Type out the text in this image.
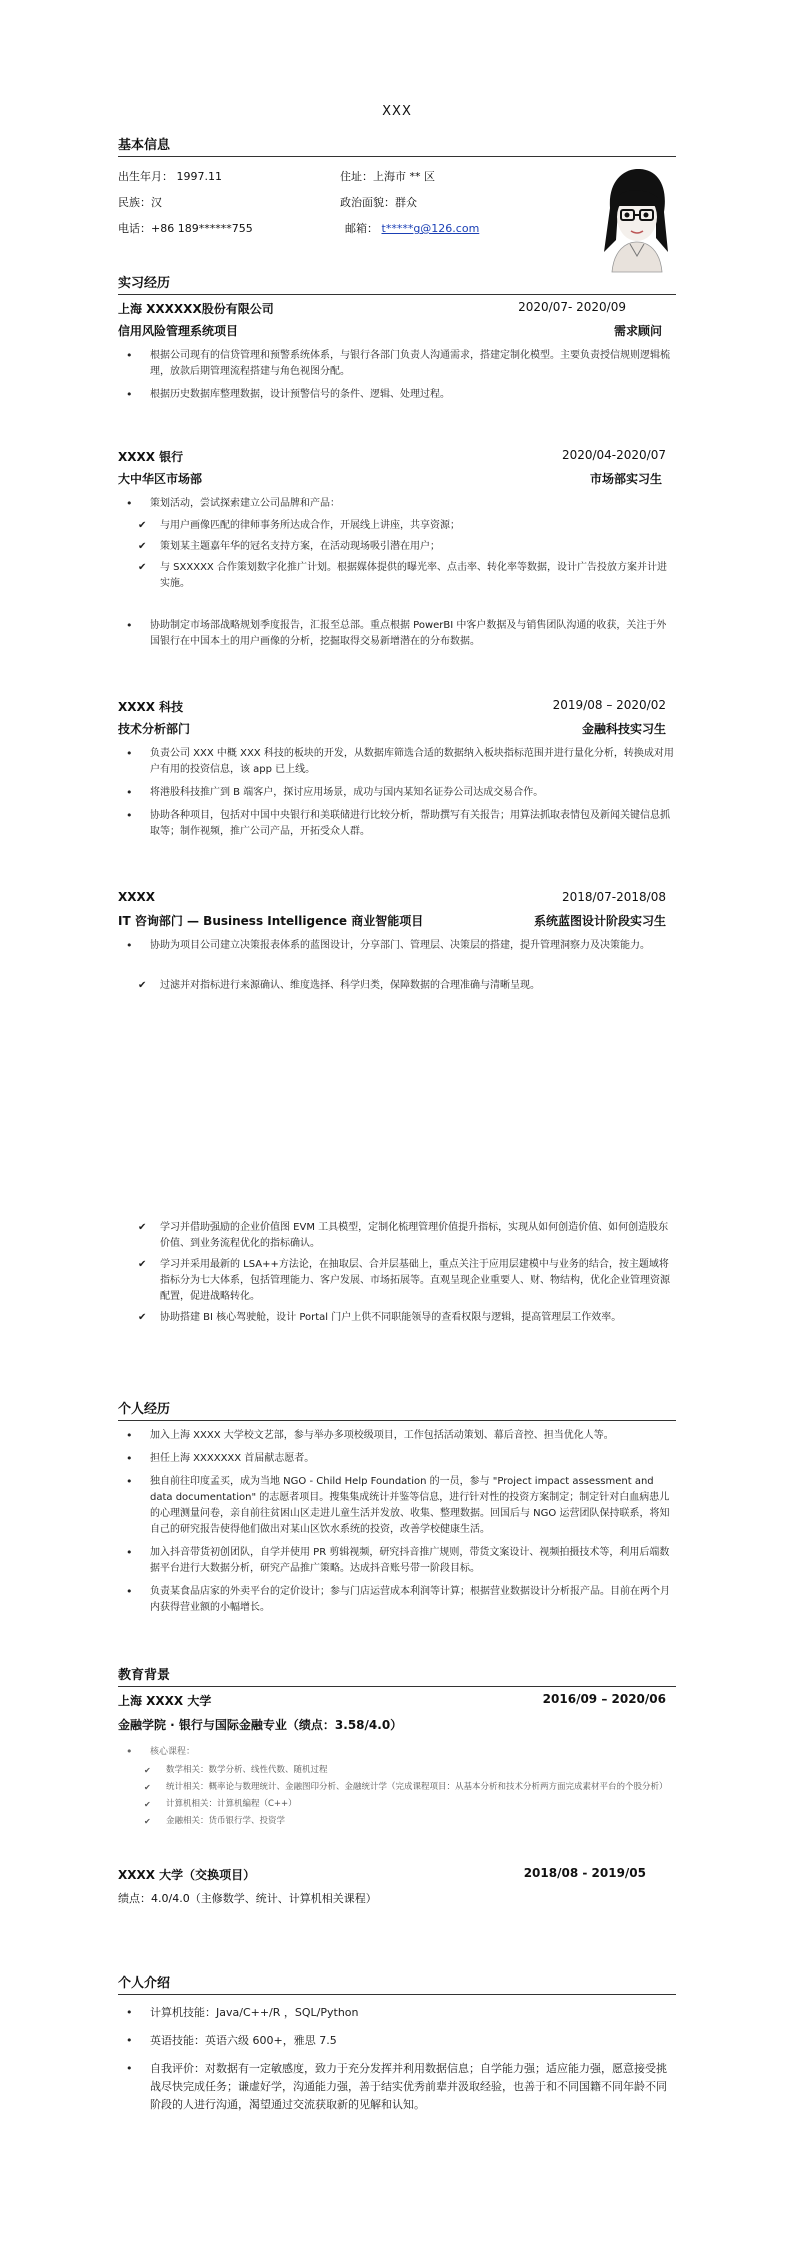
XXX
基本信息
出生年月： 1997.11	住址：上海市 ** 区
民族：汉	政治面貌：群众
电话：+86 189******755	邮箱： t*****g@126.com
实习经历
上海 XXXXXX股份有限公司	2020/07- 2020/09
信用风险管理系统项目	需求顾问
• 根据公司现有的信贷管理和预警系统体系，与银行各部门负责人沟通需求，搭建定制化模型。主要负责授信规则逻辑梳理，放款后期管理流程搭建与角色视图分配。
• 根据历史数据库整理数据，设计预警信号的条件、逻辑、处理过程。
XXXX 银行	2020/04-2020/07
大中华区市场部	市场部实习生
• 策划活动，尝试探索建立公司品牌和产品：
✔ 与用户画像匹配的律师事务所达成合作，开展线上讲座，共享资源；
✔ 策划某主题嘉年华的冠名支持方案，在活动现场吸引潜在用户；
✔ 与 SXXXXX 合作策划数字化推广计划。根据媒体提供的曝光率、点击率、转化率等数据，设计广告投放方案并计进实施。
• 协助制定市场部战略规划季度报告，汇报至总部。重点根据 PowerBI 中客户数据及与销售团队沟通的收获，关注于外国银行在中国本土的用户画像的分析，挖掘取得交易新增潜在的分布数据。
XXXX 科技	2019/08 – 2020/02
技术分析部门	金融科技实习生
• 负责公司 XXX 中概 XXX 科技的板块的开发，从数据库筛选合适的数据纳入板块指标范围并进行量化分析，转换成对用户有用的投资信息，该 app 已上线。
• 将港股科技推广到 B 端客户，探讨应用场景，成功与国内某知名证券公司达成交易合作。
• 协助各种项目，包括对中国中央银行和美联储进行比较分析，帮助撰写有关报告；用算法抓取表情包及新闻关键信息抓取等；制作视频，推广公司产品，开拓受众人群。
XXXX	2018/07-2018/08
IT 咨询部门 — Business Intelligence 商业智能项目	系统蓝图设计阶段实习生
• 协助为项目公司建立决策报表体系的蓝图设计，分享部门、管理层、决策层的搭建，提升管理洞察力及决策能力。
✔ 过滤并对指标进行来源确认、维度选择、科学归类，保障数据的合理准确与清晰呈现。
✔ 学习并借助强励的企业价值图 EVM 工具模型，定制化梳理管理价值提升指标，实现从如何创造价值、如何创造股东价值、到业务流程优化的指标确认。
✔ 学习并采用最新的 LSA++方法论，在抽取层、合并层基础上，重点关注于应用层建模中与业务的结合，按主题域将指标分为七大体系，包括管理能力、客户发展、市场拓展等。直观呈现企业重要人、财、物结构，优化企业管理资源配置，促进战略转化。
✔ 协助搭建 BI 核心驾驶舱，设计 Portal 门户上供不同职能领导的查看权限与逻辑，提高管理层工作效率。
个人经历
• 加入上海 XXXX 大学校文艺部，参与举办多项校级项目，工作包括活动策划、幕后音控、担当优化人等。
• 担任上海 XXXXXXX 首届献志愿者。
• 独自前往印度孟买，成为当地 NGO - Child Help Foundation 的一员，参与 "Project impact assessment and data documentation" 的志愿者项目。搜集集成统计并鉴等信息，进行针对性的投资方案制定；制定针对白血病患儿的心理测量问卷，亲自前往贫困山区走进儿童生活并发放、收集、整理数据。回国后与 NGO 运营团队保持联系，将知自己的研究报告使得他们做出对某山区饮水系统的投资，改善学校健康生活。
• 加入抖音带货初创团队，自学并使用 PR 剪辑视频，研究抖音推广规则，带货文案设计、视频拍摄技术等，利用后端数据平台进行大数据分析，研究产品推广策略。达成抖音账号带一阶段目标。
• 负责某食品店家的外卖平台的定价设计；参与门店运营成本利润等计算；根据营业数据设计分析报产品。目前在两个月内获得营业额的小幅增长。
教育背景
上海 XXXX 大学	2016/09 – 2020/06
金融学院 · 银行与国际金融专业（绩点：3.58/4.0）
• 核心课程：
✔ 数学相关：数学分析、线性代数、随机过程
✔ 统计相关：概率论与数理统计、金融图印分析、金融统计学（完成课程项目：从基本分析和技术分析两方面完成素材平台的个股分析）
✔ 计算机相关：计算机编程（C++）
✔ 金融相关：货币银行学、投资学
XXXX 大学（交换项目）	2018/08 - 2019/05
绩点：4.0/4.0（主修数学、统计、计算机相关课程）
个人介绍
• 计算机技能：Java/C++/R ，SQL/Python
• 英语技能：英语六级 600+，雅思 7.5
• 自我评价：对数据有一定敏感度，致力于充分发挥并利用数据信息；自学能力强；适应能力强，愿意接受挑战尽快完成任务；谦虚好学，沟通能力强，善于结实优秀前辈并汲取经验，也善于和不同国籍不同年龄不同阶段的人进行沟通，渴望通过交流获取新的见解和认知。
